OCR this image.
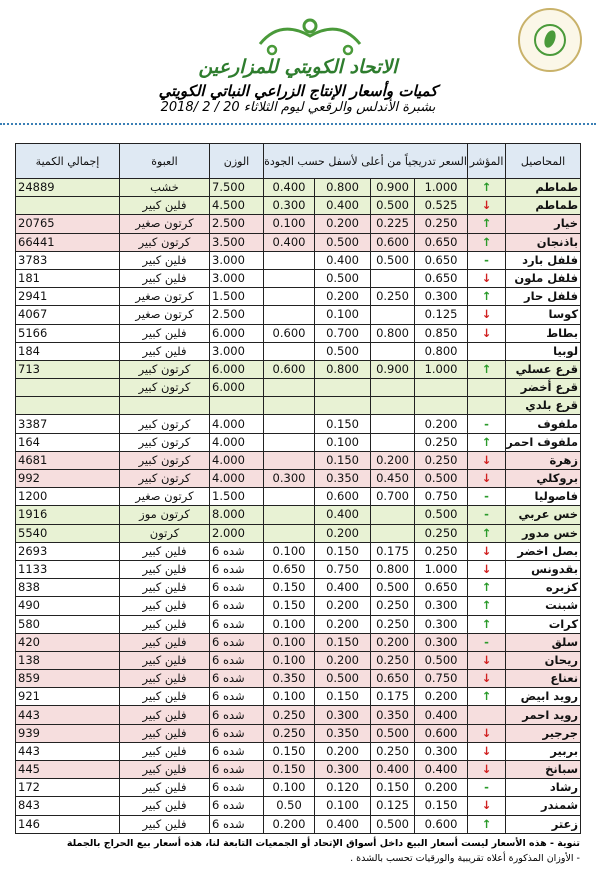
الاتحاد الكويتي للمزارعين
كميات وأسعار الإنتاج الزراعي النباتي الكويتي
بشبرة الأندلس والرقعي ليوم الثلاثاء 20 / 2 /2018
المحاصيل	المؤشر	السعر تدريجياً من أعلى لأسفل حسب الجودة				الوزن	العبوة	إجمالي الكمية
طماطم	↑	1.000	0.900	0.800	0.400	7.500	خشب	24889
طماطم	↓	0.525	0.500	0.400	0.300	4.500	فلين كبير	
خيار	↑	0.250	0.225	0.200	0.100	2.500	كرتون صغير	20765
باذنجان	↑	0.650	0.600	0.500	0.400	3.500	كرتون كبير	66441
فلفل بارد	-	0.650	0.500	0.400		3.000	فلين كبير	3783
فلفل ملون	↓	0.650		0.500		3.000	فلين كبير	181
فلفل حار	↑	0.300	0.250	0.200		1.500	كرتون صغير	2941
كوسا	↓	0.125		0.100		2.500	كرتون صغير	4067
بطاط	↓	0.850	0.800	0.700	0.600	6.000	فلين كبير	5166
لوبيا		0.800		0.500		3.000	فلين كبير	184
قرع عسلي	↑	1.000	0.900	0.800	0.600	6.000	كرتون كبير	713
قرع أخضر						6.000	كرتون كبير	
قرع بلدي								
ملفوف	-	0.200		0.150		4.000	كرتون كبير	3387
ملفوف احمر	↑	0.250		0.100		4.000	كرتون كبير	164
زهرة	↓	0.250	0.200	0.150		4.000	كرتون كبير	4681
بروكلي	↓	0.500	0.450	0.350	0.300	4.000	كرتون كبير	992
فاصوليا	-	0.750	0.700	0.600		1.500	كرتون صغير	1200
خس عربي	-	0.500		0.400		8.000	كرتون موز	1916
خس مدور	↑	0.250		0.200		2.000	كرتون	5540
بصل اخضر	↓	0.250	0.175	0.150	0.100	6 شده	فلين كبير	2693
بقدونس	↓	1.000	0.800	0.750	0.650	6 شده	فلين كبير	1133
كزبره	↑	0.650	0.500	0.400	0.150	6 شده	فلين كبير	838
شبنت	↑	0.300	0.250	0.200	0.150	6 شده	فلين كبير	490
كرات	↑	0.300	0.250	0.200	0.100	6 شده	فلين كبير	580
سلق	-	0.300	0.200	0.150	0.100	6 شده	فلين كبير	420
ريحان	↓	0.500	0.250	0.200	0.100	6 شده	فلين كبير	138
نعناع	↓	0.750	0.650	0.500	0.350	6 شده	فلين كبير	859
رويد ابيض	↑	0.200	0.175	0.150	0.100	6 شده	فلين كبير	921
رويد احمر		0.400	0.350	0.300	0.250	6 شده	فلين كبير	443
جرجير	↓	0.600	0.500	0.350	0.250	6 شده	فلين كبير	939
بربير	↓	0.300	0.250	0.200	0.150	6 شده	فلين كبير	443
سبانخ	↓	0.400	0.400	0.300	0.150	6 شده	فلين كبير	445
رشاد	-	0.200	0.150	0.120	0.100	6 شده	فلين كبير	172
شمندر	↓	0.150	0.125	0.100	0.50	6 شده	فلين كبير	843
زعتر	↑	0.600	0.500	0.400	0.200	6 شده	فلين كبير	146
تنوية - هذه الأسعار ليست أسعار البيع داخل أسواق الإتحاد أو الجمعيات التابعة لنا، هذه أسعار بيع الحراج بالجملة
- الأوزان المذكورة أعلاه تقريبية والورقيات تحسب بالشدة .
